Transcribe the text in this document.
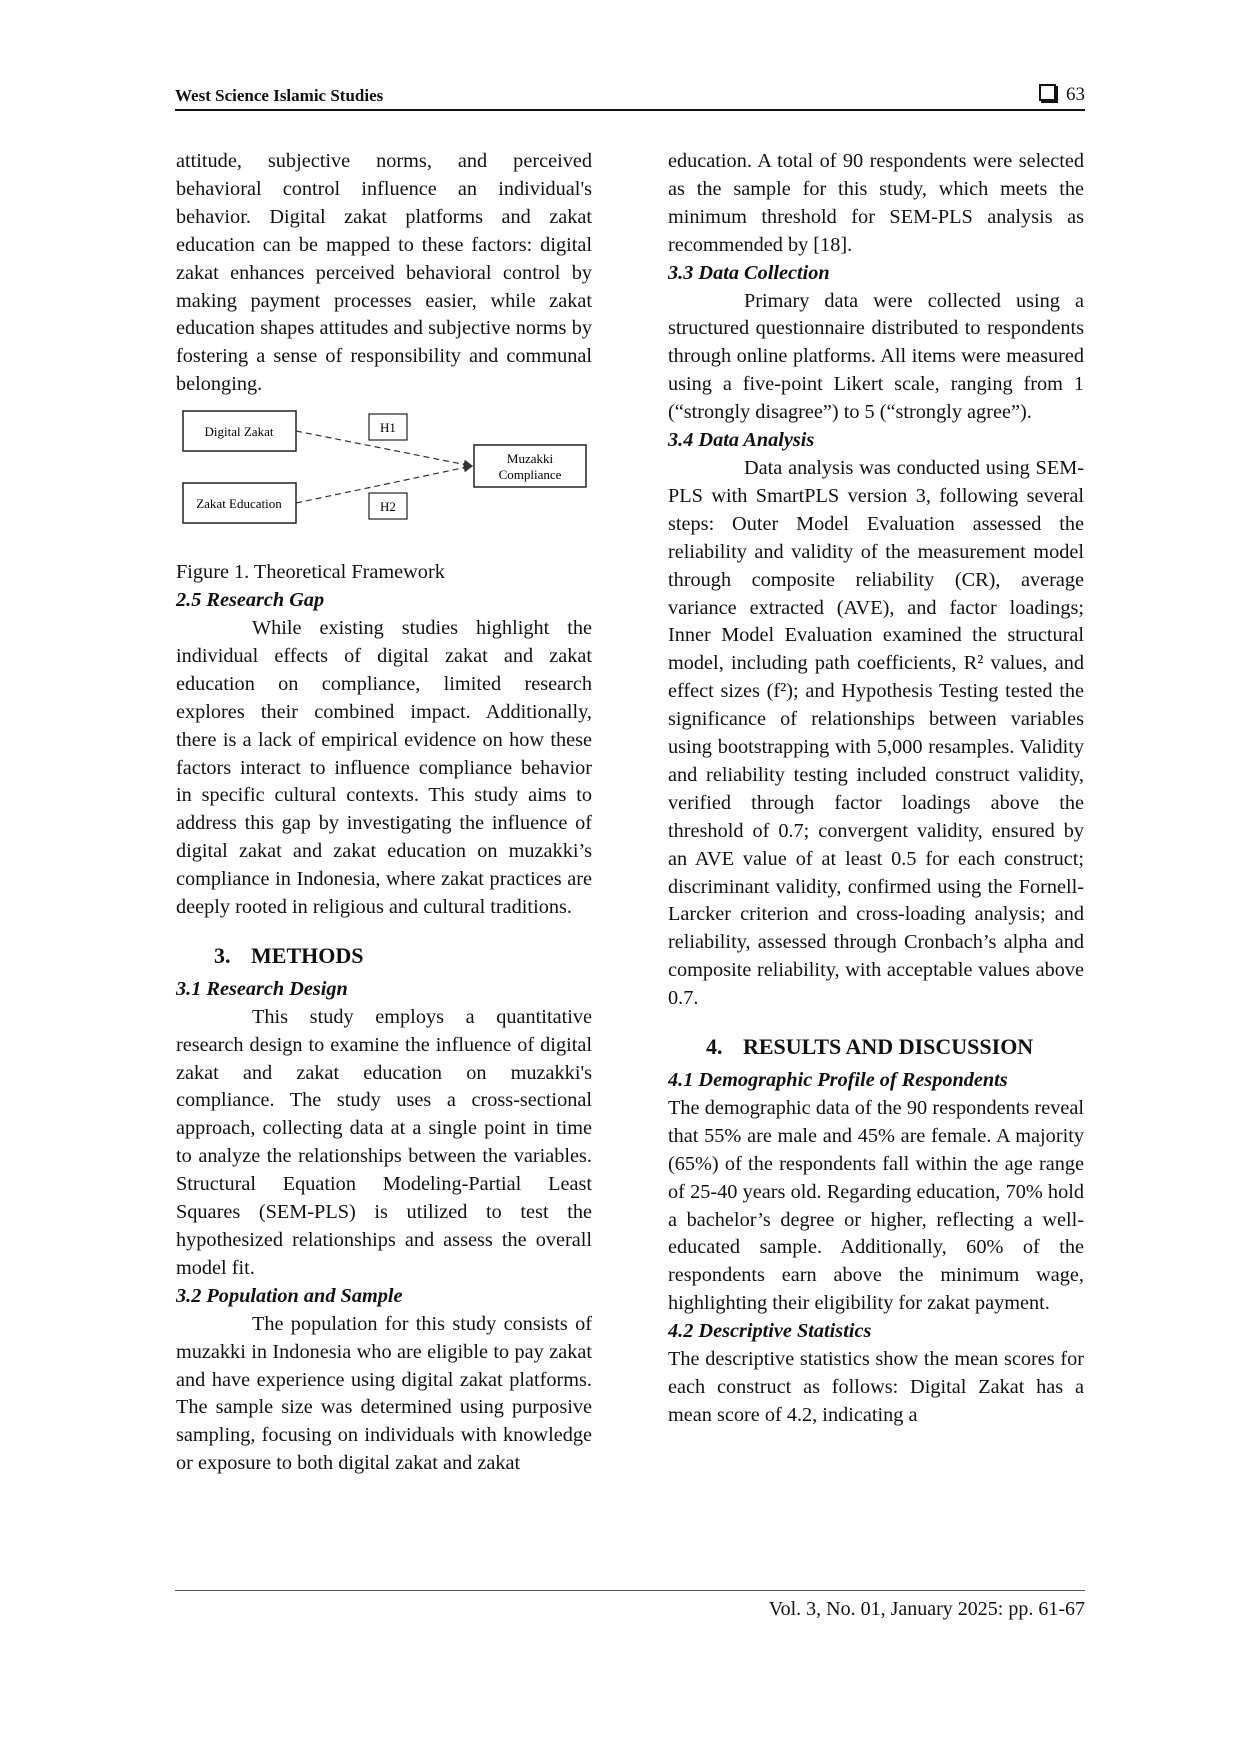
West Science Islamic Studies	63

attitude, subjective norms, and perceived behavioral control influence an individual's behavior. Digital zakat platforms and zakat education can be mapped to these factors: digital zakat enhances perceived behavioral control by making payment processes easier, while zakat education shapes attitudes and subjective norms by fostering a sense of responsibility and communal belonging.

Digital Zakat
Zakat Education
Muzakki
Compliance
H1
H2

Figure 1. Theoretical Framework

2.5 Research Gap

While existing studies highlight the individual effects of digital zakat and zakat education on compliance, limited research explores their combined impact. Additionally, there is a lack of empirical evidence on how these factors interact to influence compliance behavior in specific cultural contexts. This study aims to address this gap by investigating the influence of digital zakat and zakat education on muzakki’s compliance in Indonesia, where zakat practices are deeply rooted in religious and cultural traditions.

3. METHODS

3.1 Research Design

This study employs a quantitative research design to examine the influence of digital zakat and zakat education on muzakki's compliance. The study uses a cross-sectional approach, collecting data at a single point in time to analyze the relationships between the variables. Structural Equation Modeling-Partial Least Squares (SEM-PLS) is utilized to test the hypothesized relationships and assess the overall model fit.

3.2 Population and Sample

The population for this study consists of muzakki in Indonesia who are eligible to pay zakat and have experience using digital zakat platforms. The sample size was determined using purposive sampling, focusing on individuals with knowledge or exposure to both digital zakat and zakat

education. A total of 90 respondents were selected as the sample for this study, which meets the minimum threshold for SEM-PLS analysis as recommended by [18].

3.3 Data Collection

Primary data were collected using a structured questionnaire distributed to respondents through online platforms. All items were measured using a five-point Likert scale, ranging from 1 (“strongly disagree”) to 5 (“strongly agree”).

3.4 Data Analysis

Data analysis was conducted using SEM-PLS with SmartPLS version 3, following several steps: Outer Model Evaluation assessed the reliability and validity of the measurement model through composite reliability (CR), average variance extracted (AVE), and factor loadings; Inner Model Evaluation examined the structural model, including path coefficients, R² values, and effect sizes (f²); and Hypothesis Testing tested the significance of relationships between variables using bootstrapping with 5,000 resamples. Validity and reliability testing included construct validity, verified through factor loadings above the threshold of 0.7; convergent validity, ensured by an AVE value of at least 0.5 for each construct; discriminant validity, confirmed using the Fornell-Larcker criterion and cross-loading analysis; and reliability, assessed through Cronbach’s alpha and composite reliability, with acceptable values above 0.7.

4. RESULTS AND DISCUSSION

4.1 Demographic Profile of Respondents

The demographic data of the 90 respondents reveal that 55% are male and 45% are female. A majority (65%) of the respondents fall within the age range of 25-40 years old. Regarding education, 70% hold a bachelor’s degree or higher, reflecting a well-educated sample. Additionally, 60% of the respondents earn above the minimum wage, highlighting their eligibility for zakat payment.

4.2 Descriptive Statistics

The descriptive statistics show the mean scores for each construct as follows: Digital Zakat has a mean score of 4.2, indicating a

Vol. 3, No. 01, January 2025: pp. 61-67
